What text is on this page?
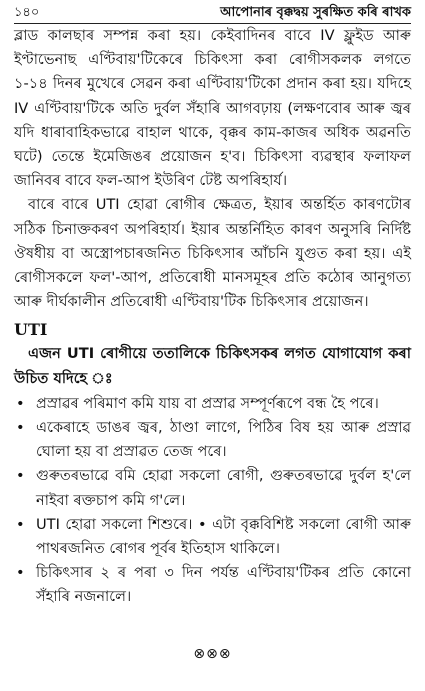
১৪০	আপোনাৰ বৃক্কদ্বয় সুৰক্ষিত কৰি ৰাখক

ব্লাড কালছাৰ সম্পন্ন কৰা হয়। কেইবাদিনৰ বাবে IV ফ্লুইড আৰু ইণ্টাভেনাছ এণ্টিবায়'টিকেৰে চিকিৎসা কৰা ৰোগীসকলক লগতে ১-১৪ দিনৰ মুখেৰে সেৱন কৰা এণ্টিবায়'টিকো প্ৰদান কৰা হয়। যদিহে IV এণ্টিবায়'টিকে অতি দুৰ্বল সঁহাৰি আগবঢ়ায় (লক্ষণবোৰ আৰু জ্বৰ যদি ধাৰাবাহিকভাৱে বাহাল থাকে, বৃক্কৰ কাম-কাজৰ অধিক অৱনতি ঘটে) তেন্তে ইমেজিঙৰ প্ৰয়োজন হ'ব। চিকিৎসা ব্যৱস্থাৰ ফলাফল জানিবৰ বাবে ফল-আপ ইউৰিণ টেষ্ট অপৰিহাৰ্য।

বাৰে বাৰে UTI হোৱা ৰোগীৰ ক্ষেত্ৰত, ইয়াৰ অন্তৰ্হিত কাৰণটোৰ সঠিক চিনাক্তকৰণ অপৰিহাৰ্য। ইয়াৰ অন্তৰ্নিহিত কাৰণ অনুসৰি নিৰ্দিষ্ট ঔষধীয় বা অস্ত্ৰোপচাৰজনিত চিকিৎসাৰ আঁচনি যুগুত কৰা হয়। এই ৰোগীসকলে ফল'-আপ, প্ৰতিৰোধী মানসমূহৰ প্ৰতি কঠোৰ আনুগত্য আৰু দীৰ্ঘকালীন প্ৰতিৰোধী এণ্টিবায়'টিক চিকিৎসাৰ প্ৰয়োজন।

UTI

এজন UTI ৰোগীয়ে ততালিকে চিকিৎসকৰ লগত যোগাযোগ কৰা উচিত যদিহে ঃ

• প্ৰস্ৰাৱৰ পৰিমাণ কমি যায় বা প্ৰস্ৰাৱ সম্পূৰ্ণৰূপে বন্ধ হৈ পৰে।
• একেৰাহে ডাঙৰ জ্বৰ, ঠাণ্ডা লাগে, পিঠিৰ বিষ হয় আৰু প্ৰস্ৰাৱ ঘোলা হয় বা প্ৰস্ৰাৱত তেজ পৰে।
• গুৰুতৰভাৱে বমি হোৱা সকলো ৰোগী, গুৰুতৰভাৱে দুৰ্বল হ'লে নাইবা ৰক্তচাপ কমি গ'লে।
• UTI হোৱা সকলো শিশুৰে। • এটা বৃক্কবিশিষ্ট সকলো ৰোগী আৰু পাথৰজনিত ৰোগৰ পূৰ্বৰ ইতিহাস থাকিলে।
• চিকিৎসাৰ ২ ৰ পৰা ৩ দিন পৰ্যন্ত এণ্টিবায়'টিকৰ প্ৰতি কোনো সঁহাৰি নজনালে।
⊗⊗⊗
